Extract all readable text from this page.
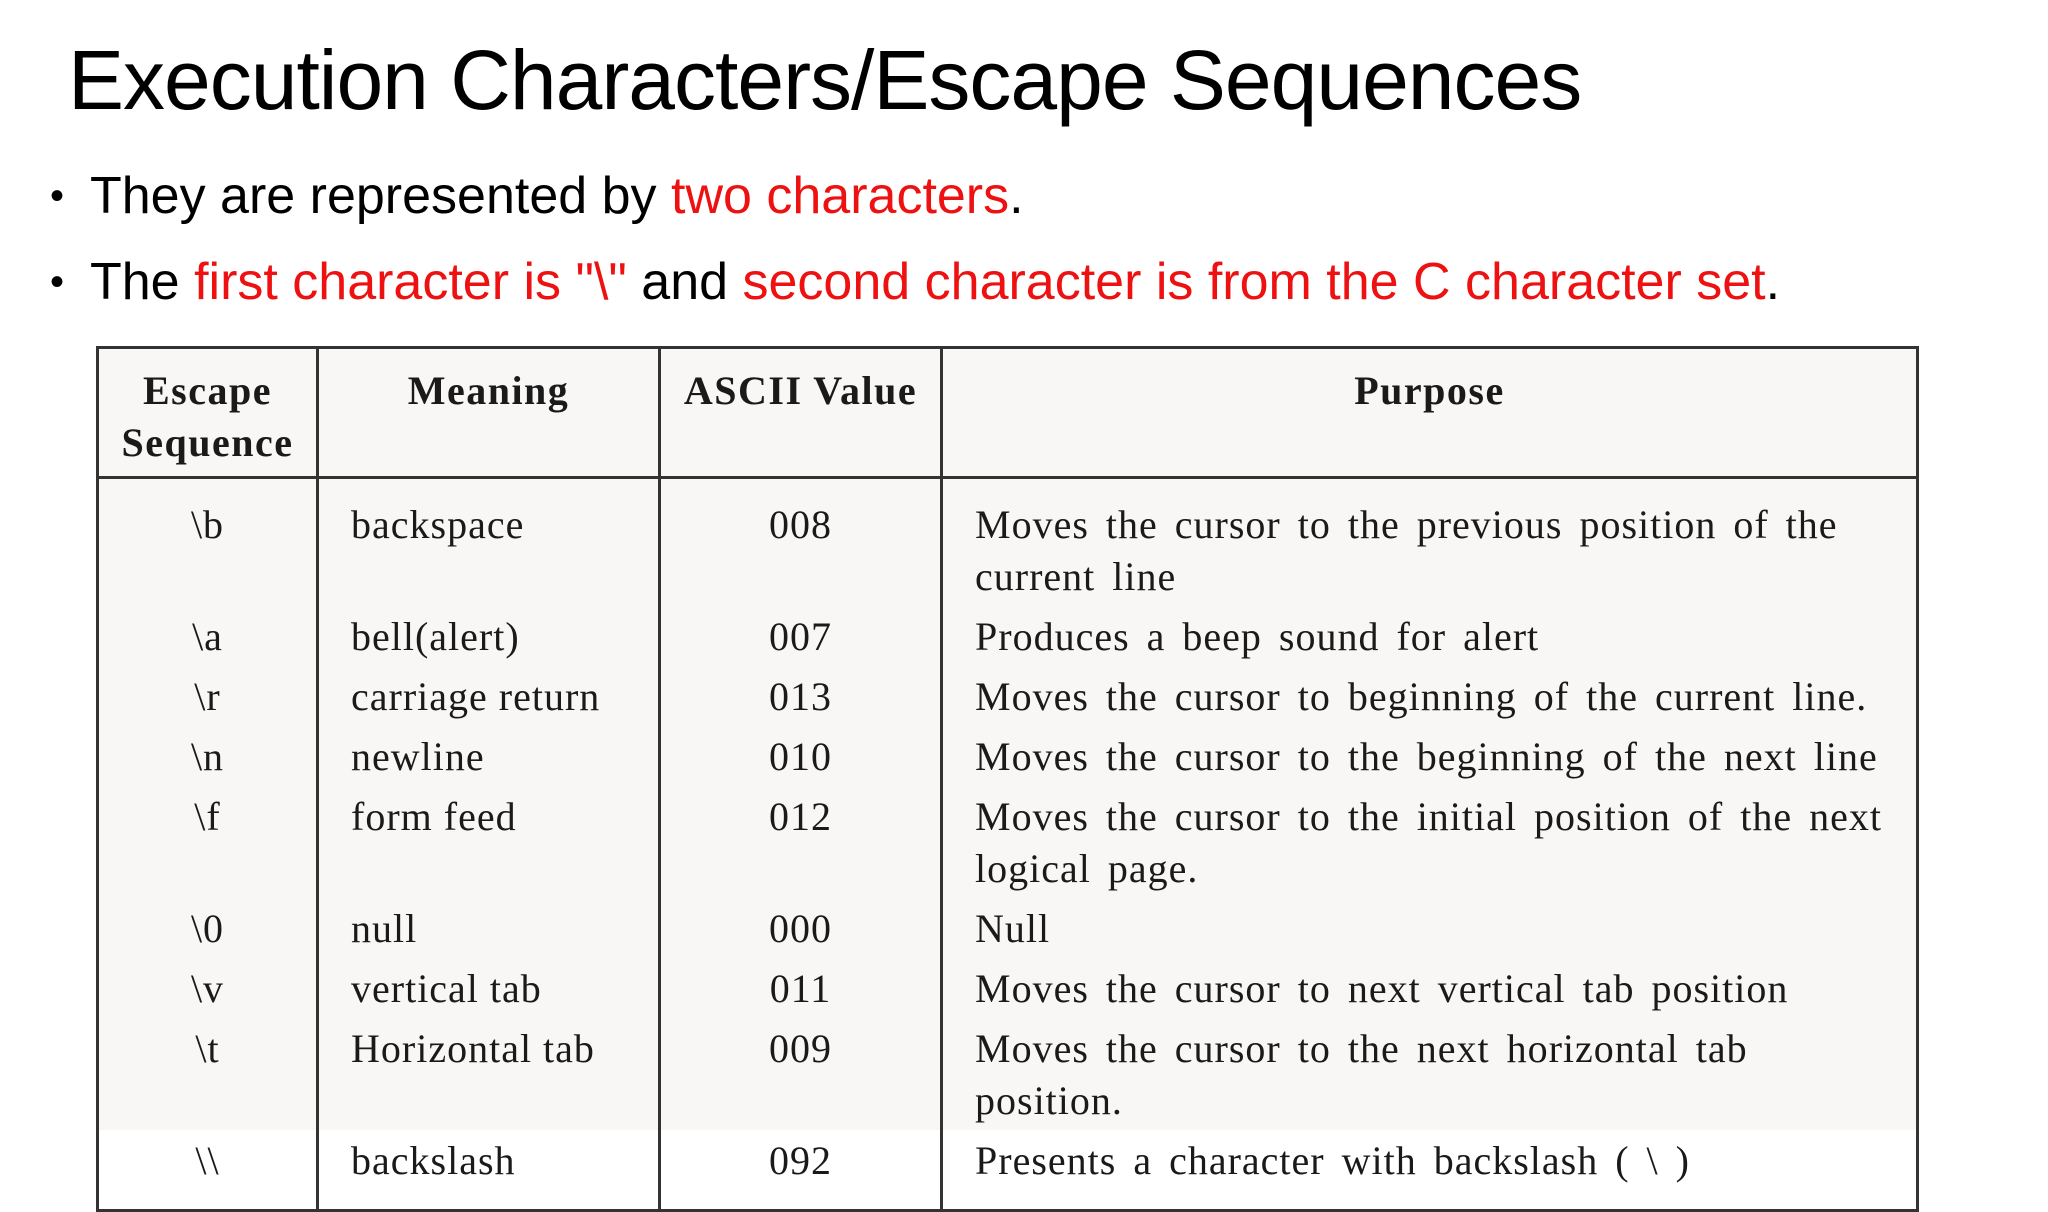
Execution Characters/Escape Sequences
• They are represented by two characters.
• The first character is "\" and second character is from the C character set.
Escape
Sequence	Meaning	ASCII Value	Purpose
\b	backspace	008	Moves the cursor to the previous position of the current line
\a	bell(alert)	007	Produces a beep sound for alert
\r	carriage return	013	Moves the cursor to beginning of the current line.
\n	newline	010	Moves the cursor to the beginning of the next line
\f	form feed	012	Moves the cursor to the initial position of the next logical page.
\0	null	000	Null
\v	vertical tab	011	Moves the cursor to next vertical tab position
\t	Horizontal tab	009	Moves the cursor to the next horizontal tab position.
\\	backslash	092	Presents a character with backslash ( \ )
